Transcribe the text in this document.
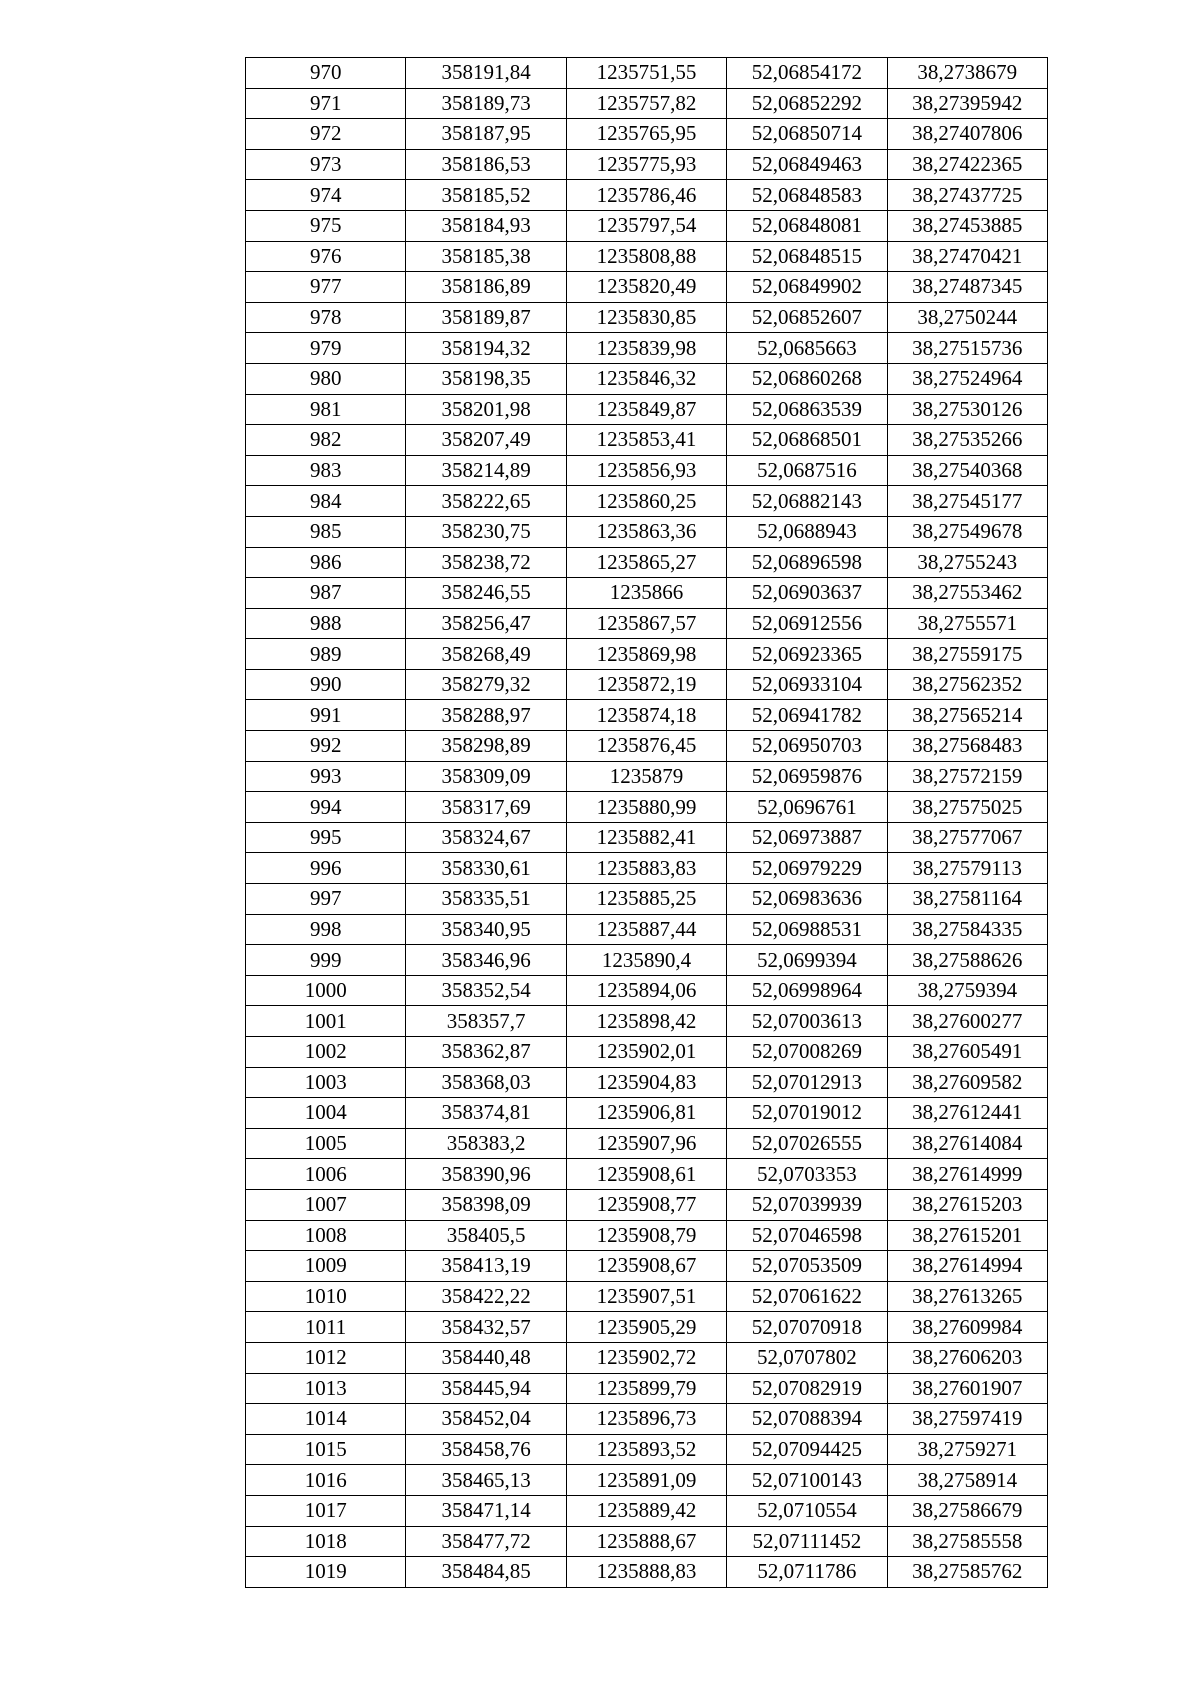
970	358191,84	1235751,55	52,06854172	38,2738679
971	358189,73	1235757,82	52,06852292	38,27395942
972	358187,95	1235765,95	52,06850714	38,27407806
973	358186,53	1235775,93	52,06849463	38,27422365
974	358185,52	1235786,46	52,06848583	38,27437725
975	358184,93	1235797,54	52,06848081	38,27453885
976	358185,38	1235808,88	52,06848515	38,27470421
977	358186,89	1235820,49	52,06849902	38,27487345
978	358189,87	1235830,85	52,06852607	38,2750244
979	358194,32	1235839,98	52,0685663	38,27515736
980	358198,35	1235846,32	52,06860268	38,27524964
981	358201,98	1235849,87	52,06863539	38,27530126
982	358207,49	1235853,41	52,06868501	38,27535266
983	358214,89	1235856,93	52,0687516	38,27540368
984	358222,65	1235860,25	52,06882143	38,27545177
985	358230,75	1235863,36	52,0688943	38,27549678
986	358238,72	1235865,27	52,06896598	38,2755243
987	358246,55	1235866	52,06903637	38,27553462
988	358256,47	1235867,57	52,06912556	38,2755571
989	358268,49	1235869,98	52,06923365	38,27559175
990	358279,32	1235872,19	52,06933104	38,27562352
991	358288,97	1235874,18	52,06941782	38,27565214
992	358298,89	1235876,45	52,06950703	38,27568483
993	358309,09	1235879	52,06959876	38,27572159
994	358317,69	1235880,99	52,0696761	38,27575025
995	358324,67	1235882,41	52,06973887	38,27577067
996	358330,61	1235883,83	52,06979229	38,27579113
997	358335,51	1235885,25	52,06983636	38,27581164
998	358340,95	1235887,44	52,06988531	38,27584335
999	358346,96	1235890,4	52,0699394	38,27588626
1000	358352,54	1235894,06	52,06998964	38,2759394
1001	358357,7	1235898,42	52,07003613	38,27600277
1002	358362,87	1235902,01	52,07008269	38,27605491
1003	358368,03	1235904,83	52,07012913	38,27609582
1004	358374,81	1235906,81	52,07019012	38,27612441
1005	358383,2	1235907,96	52,07026555	38,27614084
1006	358390,96	1235908,61	52,0703353	38,27614999
1007	358398,09	1235908,77	52,07039939	38,27615203
1008	358405,5	1235908,79	52,07046598	38,27615201
1009	358413,19	1235908,67	52,07053509	38,27614994
1010	358422,22	1235907,51	52,07061622	38,27613265
1011	358432,57	1235905,29	52,07070918	38,27609984
1012	358440,48	1235902,72	52,0707802	38,27606203
1013	358445,94	1235899,79	52,07082919	38,27601907
1014	358452,04	1235896,73	52,07088394	38,27597419
1015	358458,76	1235893,52	52,07094425	38,2759271
1016	358465,13	1235891,09	52,07100143	38,2758914
1017	358471,14	1235889,42	52,0710554	38,27586679
1018	358477,72	1235888,67	52,07111452	38,27585558
1019	358484,85	1235888,83	52,0711786	38,27585762
